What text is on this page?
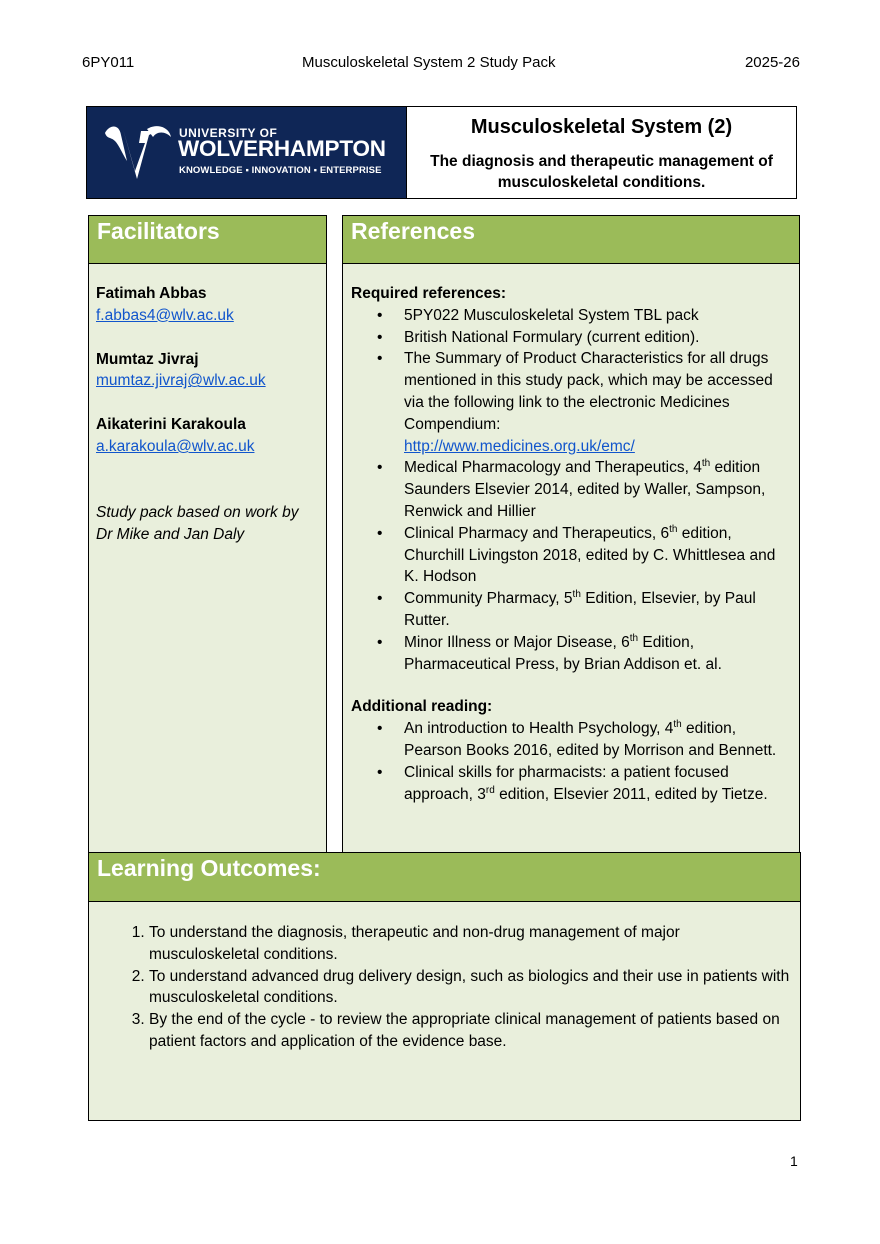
6PY011	Musculoskeletal System 2 Study Pack	2025-26
UNIVERSITY OF
WOLVERHAMPTON
KNOWLEDGE ▪ INNOVATION ▪ ENTERPRISE
Musculoskeletal System (2)
The diagnosis and therapeutic management of musculoskeletal conditions.
Facilitators
Fatimah Abbas
f.abbas4@wlv.ac.uk
Mumtaz Jivraj
mumtaz.jivraj@wlv.ac.uk
Aikaterini Karakoula
a.karakoula@wlv.ac.uk
Study pack based on work by
Dr Mike and Jan Daly
References
Required references:
• 5PY022 Musculoskeletal System TBL pack
• British National Formulary (current edition).
• The Summary of Product Characteristics for all drugs mentioned in this study pack, which may be accessed via the following link to the electronic Medicines Compendium:
http://www.medicines.org.uk/emc/
• Medical Pharmacology and Therapeutics, 4th edition Saunders Elsevier 2014, edited by Waller, Sampson, Renwick and Hillier
• Clinical Pharmacy and Therapeutics, 6th edition, Churchill Livingston 2018, edited by C. Whittlesea and K. Hodson
• Community Pharmacy, 5th Edition, Elsevier, by Paul Rutter.
• Minor Illness or Major Disease, 6th Edition, Pharmaceutical Press, by Brian Addison et. al.
Additional reading:
• An introduction to Health Psychology, 4th edition, Pearson Books 2016, edited by Morrison and Bennett.
• Clinical skills for pharmacists: a patient focused approach, 3rd edition, Elsevier 2011, edited by Tietze.
Learning Outcomes:
1. To understand the diagnosis, therapeutic and non-drug management of major musculoskeletal conditions.
2. To understand advanced drug delivery design, such as biologics and their use in patients with musculoskeletal conditions.
3. By the end of the cycle - to review the appropriate clinical management of patients based on patient factors and application of the evidence base.
1
